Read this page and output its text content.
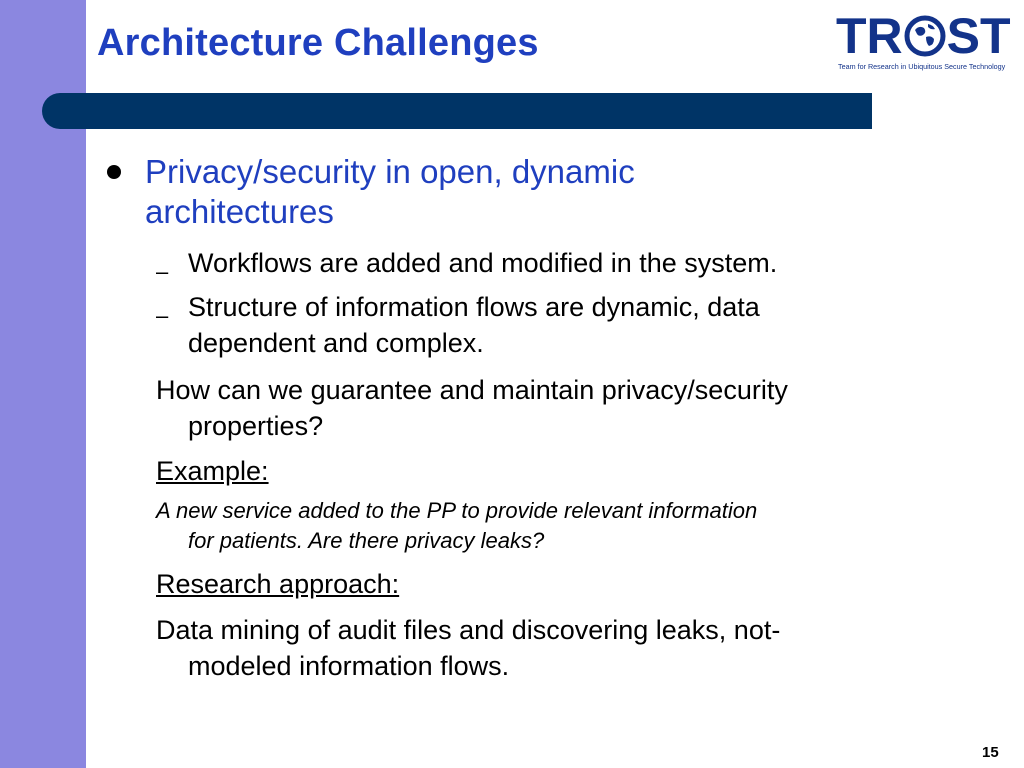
Architecture Challenges	TR ST
Team for Research in Ubiquitous Secure Technology
Privacy/security in open, dynamic
architectures
– Workflows are added and modified in the system.
– Structure of information flows are dynamic, data
dependent and complex.
How can we guarantee and maintain privacy/security
properties?
Example:
A new service added to the PP to provide relevant information
for patients. Are there privacy leaks?
Research approach:
Data mining of audit files and discovering leaks, not-
modeled information flows.
15
